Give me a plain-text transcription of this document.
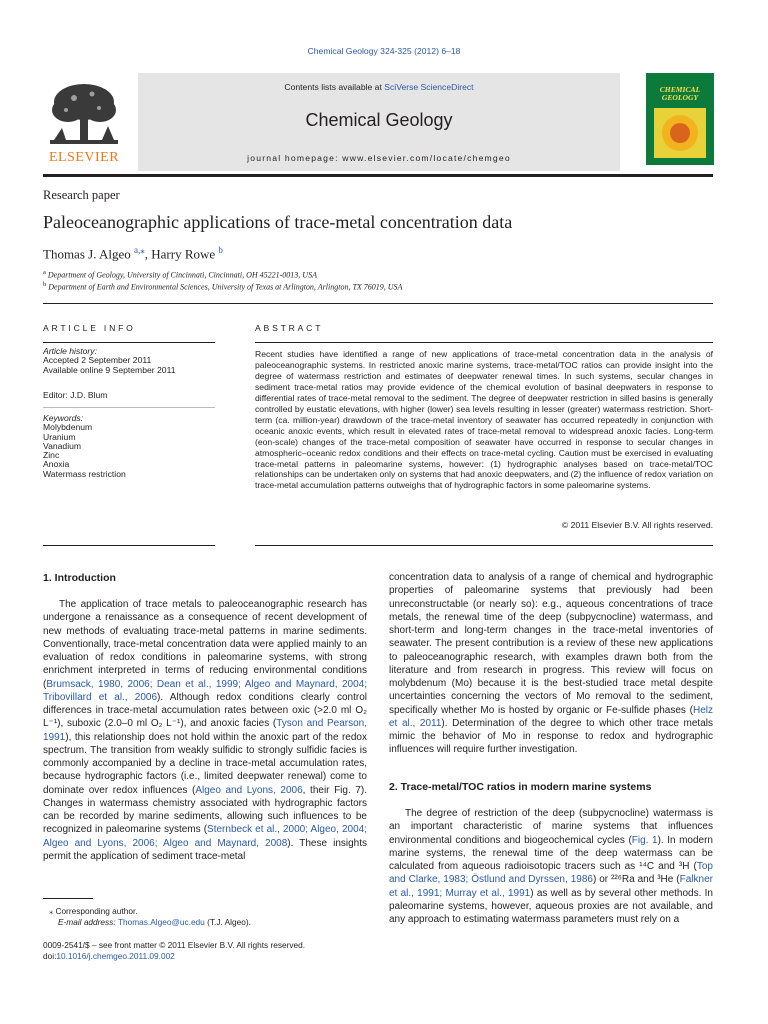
Chemical Geology 324-325 (2012) 6–18
Contents lists available at SciVerse ScienceDirect
Chemical Geology
journal homepage: www.elsevier.com/locate/chemgeo
ELSEVIER
CHEMICAL GEOLOGY
Research paper
Paleoceanographic applications of trace-metal concentration data
Thomas J. Algeo $^{a,⁎}$, Harry Rowe $^b$
$^a$ Department of Geology, University of Cincinnati, Cincinnati, OH 45221-0013, USA
$^b$ Department of Earth and Environmental Sciences, University of Texas at Arlington, Arlington, TX 76019, USA
ARTICLE INFO
Article history:
Accepted 2 September 2011
Available online 9 September 2011
Editor: J.D. Blum
Keywords:
Molybdenum
Uranium
Vanadium
Zinc
Anoxia
Watermass restriction
ABSTRACT
Recent studies have identified a range of new applications of trace-metal concentration data in the analysis of paleoceanographic systems. In restricted anoxic marine systems, trace-metal/TOC ratios can provide insight into the degree of watermass restriction and estimates of deepwater renewal times. In such systems, secular changes in sediment trace-metal ratios may provide evidence of the chemical evolution of basinal deepwaters in response to differential rates of trace-metal removal to the sediment. The degree of deepwater restriction in silled basins is generally controlled by eustatic elevations, with higher (lower) sea levels resulting in lesser (greater) watermass restriction. Short-term (ca. million-year) drawdown of the trace-metal inventory of seawater has occurred repeatedly in conjunction with oceanic anoxic events, which result in elevated rates of trace-metal removal to widespread anoxic facies. Long-term (eon-scale) changes of the trace-metal composition of seawater have occurred in response to secular changes in atmospheric–oceanic redox conditions and their effects on trace-metal cycling. Caution must be exercised in evaluating trace-metal patterns in paleomarine systems, however: (1) hydrographic analyses based on trace-metal/TOC relationships can be undertaken only on systems that had anoxic deepwaters, and (2) the influence of redox variation on trace-metal accumulation patterns outweighs that of hydrographic factors in some paleomarine systems.
© 2011 Elsevier B.V. All rights reserved.
1. Introduction

The application of trace metals to paleoceanographic research has undergone a renaissance as a consequence of recent development of new methods of evaluating trace-metal patterns in marine sediments. Conventionally, trace-metal concentration data were applied mainly to an evaluation of redox conditions in paleomarine systems, with strong enrichment interpreted in terms of reducing environmental conditions (Brumsack, 1980, 2006; Dean et al., 1999; Algeo and Maynard, 2004; Tribovillard et al., 2006). Although redox conditions clearly control differences in trace-metal accumulation rates between oxic (>2.0 ml O₂ L⁻¹), suboxic (2.0–0 ml O₂ L⁻¹), and anoxic facies (Tyson and Pearson, 1991), this relationship does not hold within the anoxic part of the redox spectrum. The transition from weakly sulfidic to strongly sulfidic facies is commonly accompanied by a decline in trace-metal accumulation rates, because hydrographic factors (i.e., limited deepwater renewal) come to dominate over redox influences (Algeo and Lyons, 2006, their Fig. 7). Changes in watermass chemistry associated with hydrographic factors can be recorded by marine sediments, allowing such influences to be recognized in paleomarine systems (Sternbeck et al., 2000; Algeo, 2004; Algeo and Lyons, 2006; Algeo and Maynard, 2008). These insights permit the application of sediment trace-metal

⁎ Corresponding author.
E-mail address: Thomas.Algeo@uc.edu (T.J. Algeo).
0009-2541/$ – see front matter © 2011 Elsevier B.V. All rights reserved.
doi:10.1016/j.chemgeo.2011.09.002

concentration data to analysis of a range of chemical and hydrographic properties of paleomarine systems that previously had been unreconstructable (or nearly so): e.g., aqueous concentrations of trace metals, the renewal time of the deep (subpycnocline) watermass, and short-term and long-term changes in the trace-metal inventories of seawater. The present contribution is a review of these new applications to paleoceanographic research, with examples drawn both from the literature and from research in progress. This review will focus on molybdenum (Mo) because it is the best-studied trace metal despite uncertainties concerning the vectors of Mo removal to the sediment, specifically whether Mo is hosted by organic or Fe-sulfide phases (Helz et al., 2011). Determination of the degree to which other trace metals mimic the behavior of Mo in response to redox and hydrographic influences will require further investigation.

2. Trace-metal/TOC ratios in modern marine systems

The degree of restriction of the deep (subpycnocline) watermass is an important characteristic of marine systems that influences environmental conditions and biogeochemical cycles (Fig. 1). In modern marine systems, the renewal time of the deep watermass can be calculated from aqueous radioisotopic tracers such as ¹⁴C and ³H (Top and Clarke, 1983; Östlund and Dyrssen, 1986) or ²²⁶Ra and ³He (Falkner et al., 1991; Murray et al., 1991) as well as by several other methods. In paleomarine systems, however, aqueous proxies are not available, and any approach to estimating watermass parameters must rely on a
